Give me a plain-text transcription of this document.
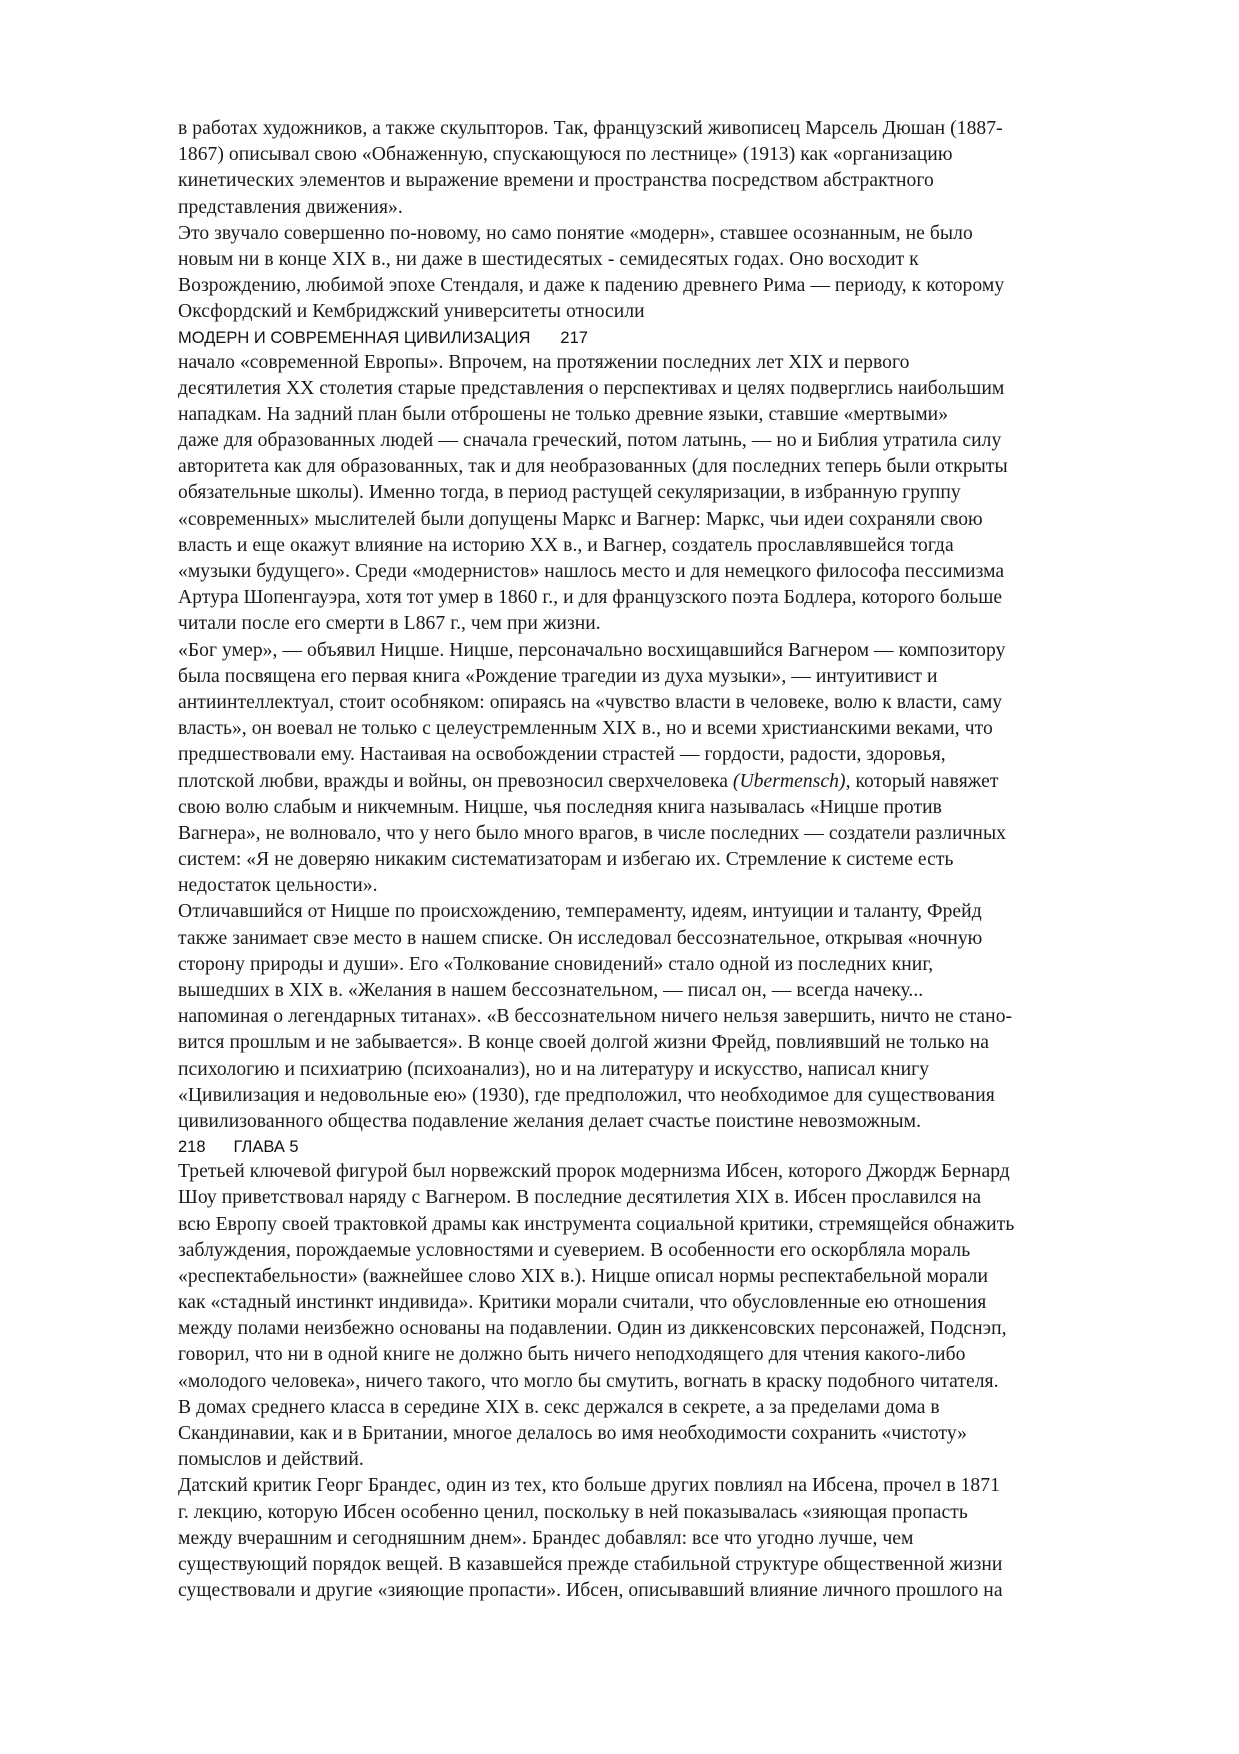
в работах художников, а также скульпторов. Так, французский живописец Марсель Дюшан (1887-
1867) описывал свою «Обнаженную, спускающуюся по лестнице» (1913) как «организацию
кинетических элементов и выражение времени и пространства посредством абстрактного
представления движения».
Это звучало совершенно по-новому, но само понятие «модерн», ставшее осознанным, не было
новым ни в конце XIX в., ни даже в шестидесятых - семидесятых годах. Оно восходит к
Возрождению, любимой эпохе Стендаля, и даже к падению древнего Рима — периоду, к которому
Оксфордский и Кембриджский университеты относили
МОДЕРН И СОВРЕМЕННАЯ ЦИВИЛИЗАЦИЯ 217
начало «современной Европы». Впрочем, на протяжении последних лет XIX и первого
десятилетия XX столетия старые представления о перспективах и целях подверглись наибольшим
нападкам. На задний план были отброшены не только древние языки, ставшие «мертвыми»
даже для образованных людей — сначала греческий, потом латынь, — но и Библия утратила силу
авторитета как для образованных, так и для необразованных (для последних теперь были открыты
обязательные школы). Именно тогда, в период растущей секуляризации, в избранную группу
«современных» мыслителей были допущены Маркс и Вагнер: Маркс, чьи идеи сохраняли свою
власть и еще окажут влияние на историю XX в., и Вагнер, создатель прославлявшейся тогда
«музыки будущего». Среди «модернистов» нашлось место и для немецкого философа пессимизма
Артура Шопенгауэра, хотя тот умер в 1860 г., и для французского поэта Бодлера, которого больше
читали после его смерти в L867 г., чем при жизни.
«Бог умер», — объявил Ницше. Ницше, персоначально восхищавшийся Вагнером — композитору
была посвящена его первая книга «Рождение трагедии из духа музыки», — интуитивист и
антиинтеллектуал, стоит особняком: опираясь на «чувство власти в человеке, волю к власти, саму
власть», он воевал не только с целеустремленным XIX в., но и всеми христианскими веками, что
предшествовали ему. Настаивая на освобождении страстей — гордости, радости, здоровья,
плотской любви, вражды и войны, он превозносил сверхчеловека (Ubermensch), который навяжет
свою волю слабым и никчемным. Ницше, чья последняя книга называлась «Ницше против
Вагнера», не волновало, что у него было много врагов, в числе последних — создатели различных
систем: «Я не доверяю никаким систематизаторам и избегаю их. Стремление к системе есть
недостаток цельности».
Отличавшийся от Ницше по происхождению, темпераменту, идеям, интуиции и таланту, Фрейд
также занимает свэе место в нашем списке. Он исследовал бессознательное, открывая «ночную
сторону природы и души». Его «Толкование сновидений» стало одной из последних книг,
вышедших в XIX в. «Желания в нашем бессознательном, — писал он, — всегда начеку...
напоминая о легендарных титанах». «В бессознательном ничего нельзя завершить, ничто не стано-
вится прошлым и не забывается». В конце своей долгой жизни Фрейд, повлиявший не только на
психологию и психиатрию (психоанализ), но и на литературу и искусство, написал книгу
«Цивилизация и недовольные ею» (1930), где предположил, что необходимое для существования
цивилизованного общества подавление желания делает счастье поистине невозможным.
218 ГЛАВА 5
Третьей ключевой фигурой был норвежский пророк модернизма Ибсен, которого Джордж Бернард
Шоу приветствовал наряду с Вагнером. В последние десятилетия XIX в. Ибсен прославился на
всю Европу своей трактовкой драмы как инструмента социальной критики, стремящейся обнажить
заблуждения, порождаемые условностями и суеверием. В особенности его оскорбляла мораль
«респектабельности» (важнейшее слово XIX в.). Ницше описал нормы респектабельной морали
как «стадный инстинкт индивида». Критики морали считали, что обусловленные ею отношения
между полами неизбежно основаны на подавлении. Один из диккенсовских персонажей, Подснэп,
говорил, что ни в одной книге не должно быть ничего неподходящего для чтения какого-либо
«молодого человека», ничего такого, что могло бы смутить, вогнать в краску подобного читателя.
В домах среднего класса в середине XIX в. секс держался в секрете, а за пределами дома в
Скандинавии, как и в Британии, многое делалось во имя необходимости сохранить «чистоту»
помыслов и действий.
Датский критик Георг Брандес, один из тех, кто больше других повлиял на Ибсена, прочел в 1871
г. лекцию, которую Ибсен особенно ценил, поскольку в ней показывалась «зияющая пропасть
между вчерашним и сегодняшним днем». Брандес добавлял: все что угодно лучше, чем
существующий порядок вещей. В казавшейся прежде стабильной структуре общественной жизни
существовали и другие «зияющие пропасти». Ибсен, описывавший влияние личного прошлого на
